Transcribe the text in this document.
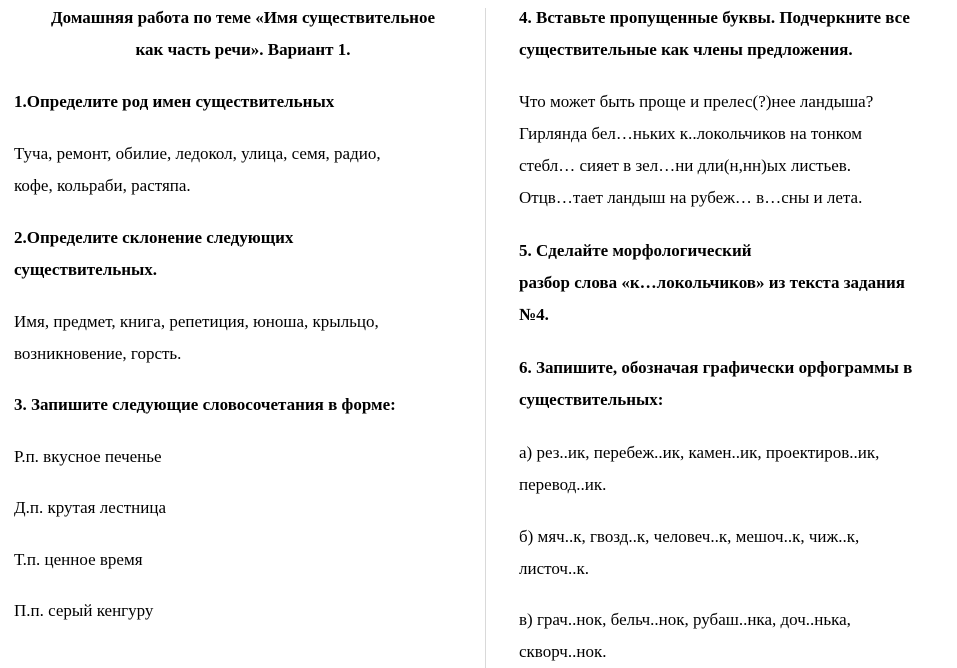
Домашняя работа по теме «Имя существительное
как часть речи». Вариант 1.
1.Определите род имен существительных
Туча, ремонт, обилие, ледокол, улица, семя, радио,
кофе, кольраби, растяпа.
2.Определите склонение следующих
существительных.
Имя, предмет, книга, репетиция, юноша, крыльцо,
возникновение, горсть.
3. Запишите следующие словосочетания в форме:
Р.п. вкусное печенье
Д.п. крутая лестница
Т.п. ценное время
П.п. серый кенгуру
4. Вставьте пропущенные буквы. Подчеркните все
существительные как члены предложения.
Что может быть проще и прелес(?)нее ландыша?
Гирлянда бел…ньких к..локольчиков на тонком
стебл… сияет в зел…ни дли(н,нн)ых листьев.
Отцв…тает ландыш на рубеж… в…сны и лета.
5. Сделайте морфологический
разбор слова «к…локольчиков» из текста задания
№4.
6. Запишите, обозначая графически орфограммы в
существительных:
а) рез..ик, перебеж..ик, камен..ик, проектиров..ик,
перевод..ик.
б) мяч..к, гвозд..к, человеч..к, мешоч..к, чиж..к,
листоч..к.
в) грач..нок, бельч..нок, рубаш..нка, доч..нька,
скворч..нок.
